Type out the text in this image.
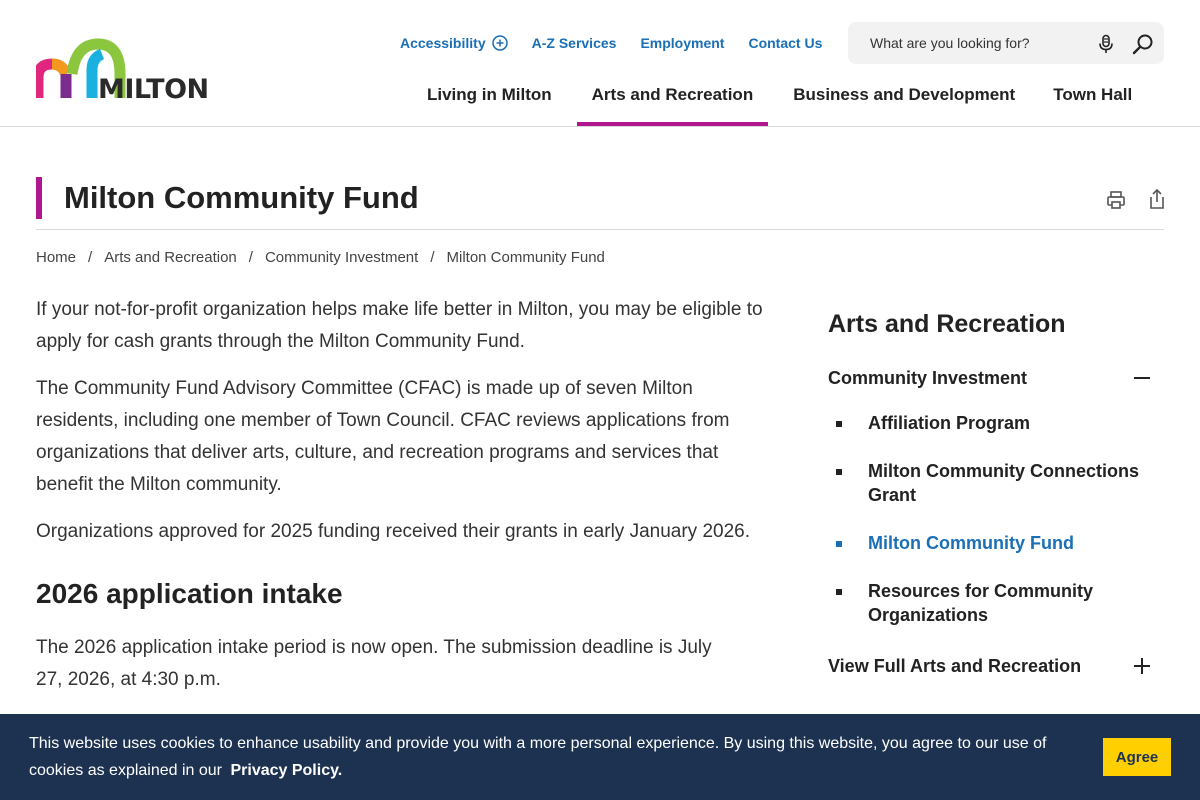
MILTON
Accessibility	A-Z Services Employment Contact Us
What are you looking for?
Living in Milton	Arts and Recreation	Business and Development	Town Hall
Milton Community Fund
Home / Arts and Recreation / Community Investment / Milton Community Fund

If your not-for-profit organization helps make life better in Milton, you may be eligible to apply for cash grants through the Milton Community Fund.

The Community Fund Advisory Committee (CFAC) is made up of seven Milton residents, including one member of Town Council. CFAC reviews applications from organizations that deliver arts, culture, and recreation programs and services that benefit the Milton community.

Organizations approved for 2025 funding received their grants in early January 2026.

2026 application intake

The 2026 application intake period is now open. The submission deadline is July 27, 2026, at 4:30 p.m.

Arts and Recreation
Community Investment
Affiliation Program
Milton Community Connections Grant
Milton Community Fund
Resources for Community Organizations
View Full Arts and Recreation
This website uses cookies to enhance usability and provide you with a more personal experience. By using this website, you agree to our use of cookies as explained in our Privacy Policy.
Agree
